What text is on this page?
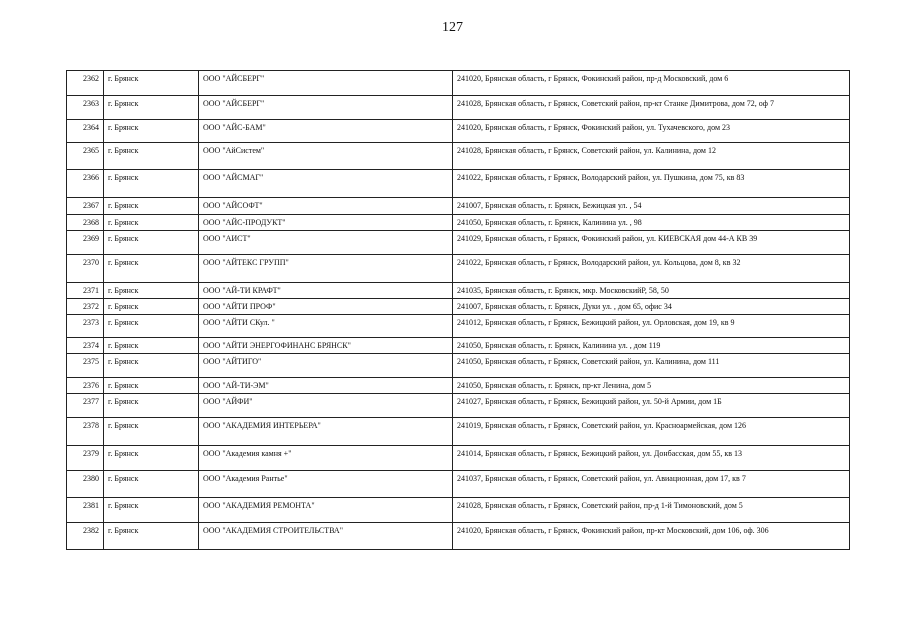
127
2362	г. Брянск	ООО "АЙСБЕРГ"	241020, Брянская область, г Брянск, Фокинский район, пр-д Московский, дом 6
2363	г. Брянск	ООО "АЙСБЕРГ"	241028, Брянская область, г Брянск, Советский район, пр-кт Станке Димитрова, дом 72, оф 7
2364	г. Брянск	ООО "АЙС-БАМ"	241020, Брянская область, г Брянск, Фокинский район, ул. Тухачевского, дом 23
2365	г. Брянск	ООО "АйСистем"	241028, Брянская область, г Брянск, Советский район, ул. Калинина, дом 12
2366	г. Брянск	ООО "АЙСМАГ"	241022, Брянская область, г Брянск, Володарский район, ул. Пушкина, дом 75, кв 83
2367	г. Брянск	ООО "АЙСОФТ"	241007, Брянская область, г. Брянск, Бежицкая ул. , 54
2368	г. Брянск	ООО "АЙС-ПРОДУКТ"	241050, Брянская область, г. Брянск, Калинина ул. , 98
2369	г. Брянск	ООО "АИСТ"	241029, Брянская область, г Брянск, Фокинский район, ул. КИЕВСКАЯ дом 44-А КВ 39
2370	г. Брянск	ООО "АЙТЕКС ГРУПП"	241022, Брянская область, г Брянск, Володарский район, ул. Кольцова, дом 8, кв 32
2371	г. Брянск	ООО "АЙ-ТИ КРАФТ"	241035, Брянская область, г. Брянск, мкр. МосковскийР, 58, 50
2372	г. Брянск	ООО "АЙТИ ПРОФ"	241007, Брянская область, г. Брянск, Дуки ул. , дом 65, офис 34
2373	г. Брянск	ООО "АЙТИ СКул. "	241012, Брянская область, г Брянск, Бежицкий район, ул. Орловская, дом 19, кв 9
2374	г. Брянск	ООО "АЙТИ ЭНЕРГОФИНАНС БРЯНСК"	241050, Брянская область, г. Брянск, Калинина ул. , дом 119
2375	г. Брянск	ООО "АЙТИГО"	241050, Брянская область, г Брянск, Советский район, ул. Калинина, дом 111
2376	г. Брянск	ООО "АЙ-ТИ-ЭМ"	241050, Брянская область, г. Брянск, пр-кт Ленина, дом 5
2377	г. Брянск	ООО "АЙФИ"	241027, Брянская область, г Брянск, Бежицкий район, ул. 50-й Армии, дом 1Б
2378	г. Брянск	ООО "АКАДЕМИЯ ИНТЕРЬЕРА"	241019, Брянская область, г Брянск, Советский район, ул. Красноармейская, дом 126
2379	г. Брянск	ООО "Академия камня +"	241014, Брянская область, г Брянск, Бежицкий район, ул. Донбасская, дом 55, кв 13
2380	г. Брянск	ООО "Академия Рантье"	241037, Брянская область, г Брянск, Советский район, ул. Авиационная, дом 17, кв 7
2381	г. Брянск	ООО "АКАДЕМИЯ РЕМОНТА"	241028, Брянская область, г Брянск, Советский район, пр-д 1-й Тимоновский, дом 5
2382	г. Брянск	ООО "АКАДЕМИЯ СТРОИТЕЛЬСТВА"	241020, Брянская область, г Брянск, Фокинский район, пр-кт Московский, дом 106, оф. 306
